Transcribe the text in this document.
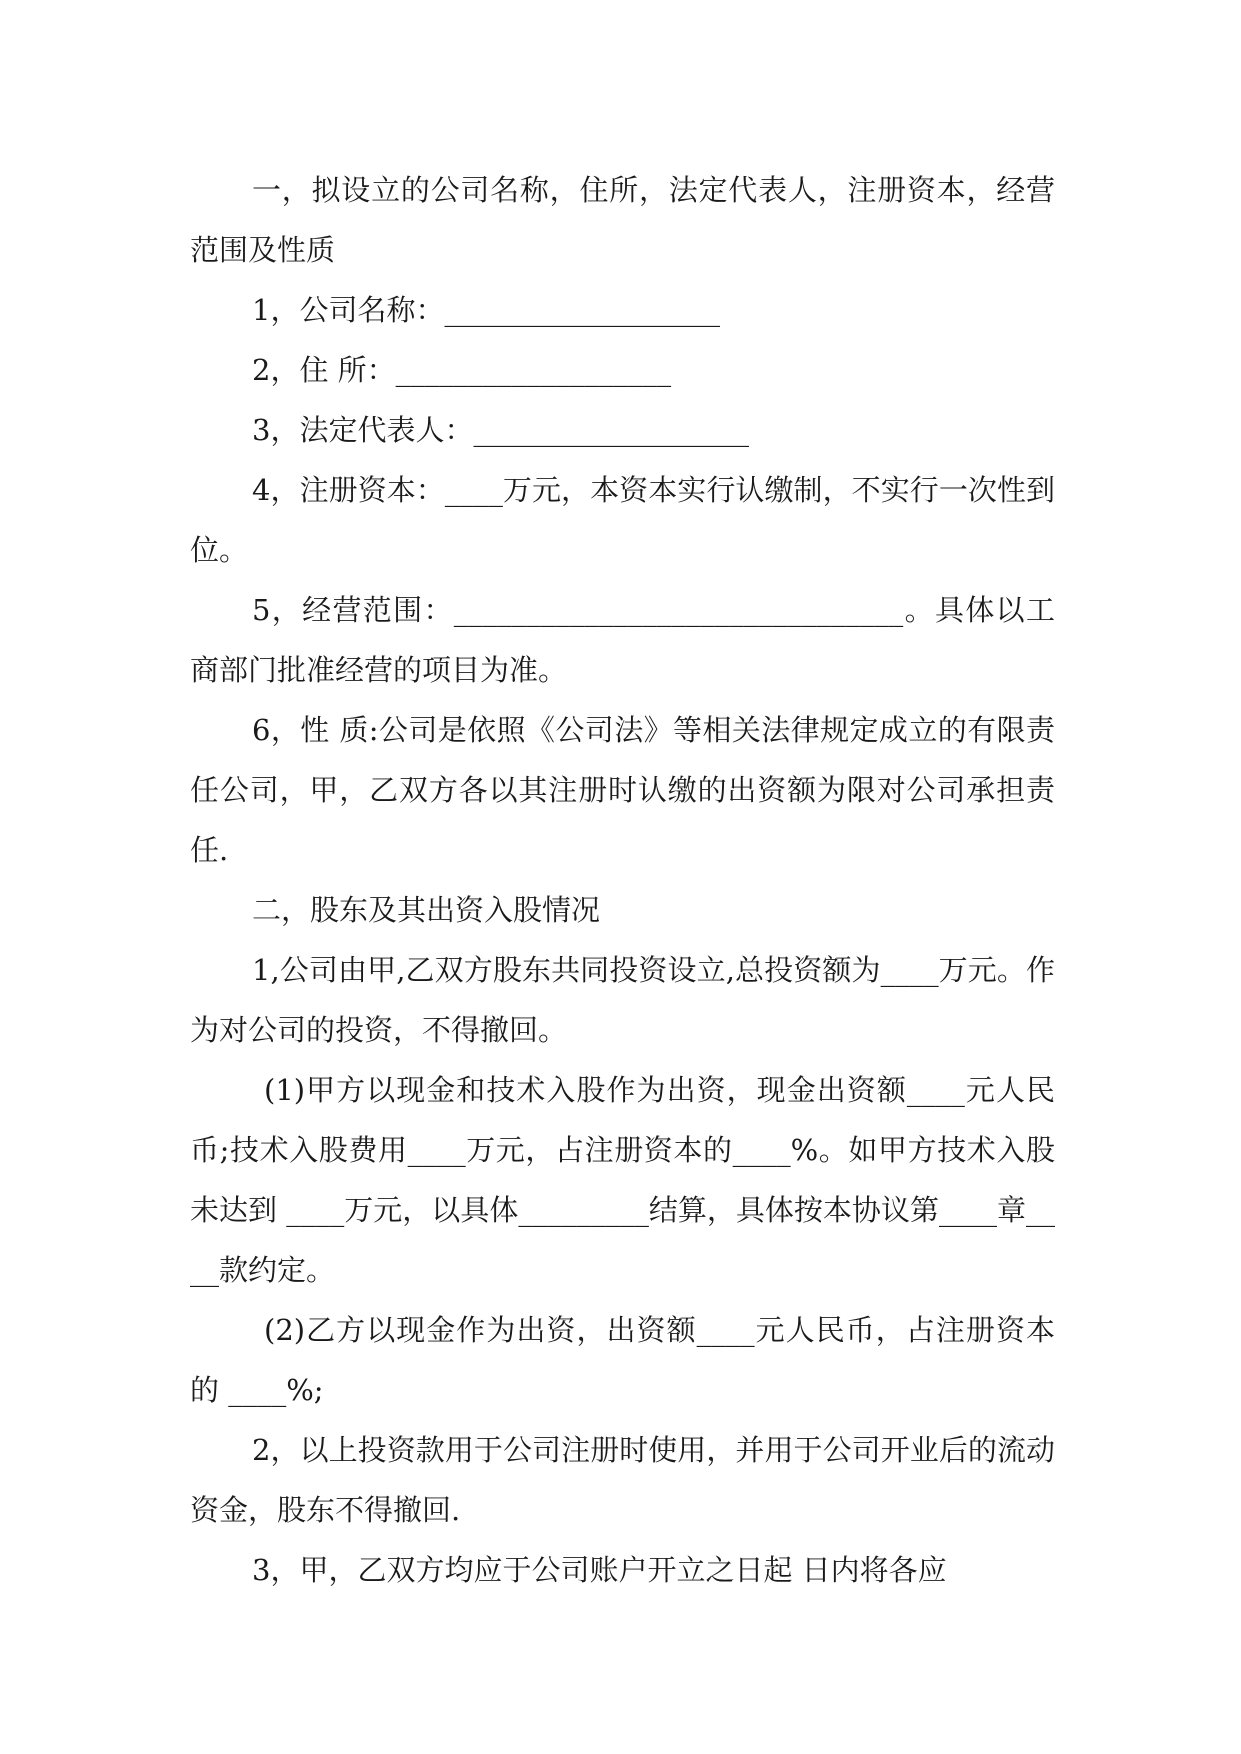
一，拟设立的公司名称，住所，法定代表人，注册资本，经营范围及性质

1，公司名称：___________________

2，住 所：___________________

3，法定代表人：___________________

4，注册资本：____万元，本资本实行认缴制，不实行一次性到位。

5，经营范围：_______________________________。具体以工商部门批准经营的项目为准。

6，性 质:公司是依照《公司法》等相关法律规定成立的有限责任公司，甲，乙双方各以其注册时认缴的出资额为限对公司承担责任.

二，股东及其出资入股情况

1,公司由甲,乙双方股东共同投资设立,总投资额为____万元。作为对公司的投资，不得撤回。

(1)甲方以现金和技术入股作为出资，现金出资额____元人民币;技术入股费用____万元，占注册资本的____%。如甲方技术入股未达到 ____万元，以具体_________结算，具体按本协议第____章____款约定。

(2)乙方以现金作为出资，出资额____元人民币，占注册资本的 ____%;

2，以上投资款用于公司注册时使用，并用于公司开业后的流动资金，股东不得撤回.

3，甲，乙双方均应于公司账户开立之日起 日内将各应
